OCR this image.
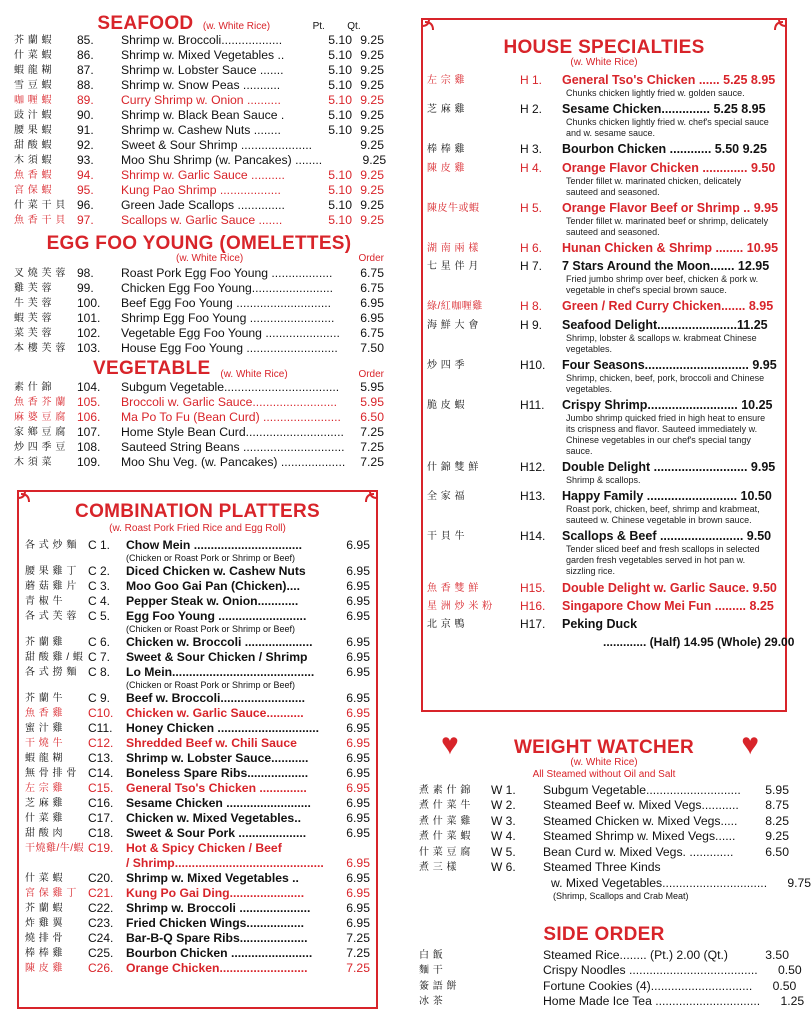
SEAFOOD (w. White Rice)	Pt. Qt.
芥 蘭 蝦	85.	Shrimp w. Broccoli..................	5.10 9.25
什 菜 蝦	86.	Shrimp w. Mixed Vegetables ..	5.10 9.25
蝦 龍 糊	87.	Shrimp w. Lobster Sauce .......	5.10 9.25
雪 豆 蝦	88.	Shrimp w. Snow Peas ...........	5.10 9.25
咖 喱 蝦	89.	Curry Shrimp w. Onion ..........	5.10 9.25
豉 汁 蝦	90.	Shrimp w. Black Bean Sauce .	5.10 9.25
腰 果 蝦	91.	Shrimp w. Cashew Nuts ........	5.10 9.25
甜 酸 蝦	92.	Sweet & Sour Shrimp .....................	9.25
木 須 蝦	93.	Moo Shu Shrimp (w. Pancakes) ........	9.25
魚 香 蝦	94.	Shrimp w. Garlic Sauce ..........	5.10 9.25
宮 保 蝦	95.	Kung Pao Shrimp ..................	5.10 9.25
什 菜 干 貝 96.	Green Jade Scallops ..............	5.10 9.25
魚 香 干 貝 97.	Scallops w. Garlic Sauce .......	5.10 9.25
EGG FOO YOUNG (OMELETTES)
(w. White Rice)	Order
叉 燒 芙 蓉 98.	Roast Pork Egg Foo Young ..................	6.75
雞 芙 蓉	99.	Chicken Egg Foo Young........................	6.75
牛 芙 蓉	100.	Beef Egg Foo Young ............................	6.95
蝦 芙 蓉	101.	Shrimp Egg Foo Young .........................	6.95
菜 芙 蓉	102.	Vegetable Egg Foo Young ......................	6.75
本 樓 芙 蓉 103.	House Egg Foo Young ...........................	7.50
VEGETABLE (w. White Rice)	Order
素 什 錦	104.	Subgum Vegetable..................................	5.95
魚 香 芥 蘭 105.	Broccoli w. Garlic Sauce.........................	5.95
麻 婆 豆 腐 106.	Ma Po To Fu (Bean Curd) .......................	6.50
家 鄉 豆 腐 107.	Home Style Bean Curd.............................	7.25
炒 四 季 豆 108.	Sauteed String Beans ..............................	7.25
木 須 菜	109.	Moo Shu Veg. (w. Pancakes) ...................	7.25
COMBINATION PLATTERS
(w. Roast Pork Fried Rice and Egg Roll)
各 式 炒 麵 C 1.	Chow Mein ................................	6.95
(Chicken or Roast Pork or Shrimp or Beef)
腰 果 雞 丁 C 2.	Diced Chicken w. Cashew Nuts	6.95
蘑 菇 雞 片 C 3.	Moo Goo Gai Pan (Chicken)....	6.95
青 椒 牛	C 4.	Pepper Steak w. Onion............	6.95
各 式 芙 蓉 C 5.	Egg Foo Young ..........................	6.95
(Chicken or Roast Pork or Shrimp or Beef)
芥 蘭 雞	C 6.	Chicken w. Broccoli ....................	6.95
甜 酸 雞 / 蝦 C 7.	Sweet & Sour Chicken / Shrimp	6.95
各 式 撈 麵 C 8.	Lo Mein..........................................	6.95
(Chicken or Roast Pork or Shrimp or Beef)
芥 蘭 牛	C 9.	Beef w. Broccoli.........................	6.95
魚 香 雞	C10.	Chicken w. Garlic Sauce...........	6.95
蜜 汁 雞	C11.	Honey Chicken ..............................	6.95
干 燒 牛	C12.	Shredded Beef w. Chili Sauce	6.95
蝦 龍 糊	C13.	Shrimp w. Lobster Sauce...........	6.95
無 骨 排 骨 C14.	Boneless Spare Ribs..................	6.95
左 宗 雞	C15.	General Tso's Chicken ..............	6.95
芝 麻 雞	C16.	Sesame Chicken .........................	6.95
什 菜 雞	C17.	Chicken w. Mixed Vegetables..	6.95
甜 酸 肉	C18.	Sweet & Sour Pork ....................	6.95
干燒雞/牛/蝦 C19.	Hot & Spicy Chicken / Beef
/ Shrimp............................................	6.95
什 菜 蝦	C20.	Shrimp w. Mixed Vegetables ..	6.95
宮 保 雞 丁 C21.	Kung Po Gai Ding......................	6.95
芥 蘭 蝦	C22.	Shrimp w. Broccoli .....................	6.95
炸 雞 翼	C23.	Fried Chicken Wings.................	6.95
燒 排 骨	C24.	Bar-B-Q Spare Ribs....................	7.25
棒 棒 雞	C25.	Bourbon Chicken ........................	7.25
陳 皮 雞	C26.	Orange Chicken..........................	7.25
HOUSE SPECIALTIES
(w. White Rice)
左 宗 雞	H 1.	General Tso's Chicken ...... 5.25 8.95
Chunks chicken lightly fried w. golden sauce.
芝 麻 雞	H 2.	Sesame Chicken.............. 5.25 8.95
Chunks chicken lightly fried w. chef's special sauce and w. sesame sauce.
棒 棒 雞	H 3.	Bourbon Chicken ............ 5.50 9.25
陳 皮 雞	H 4.	Orange Flavor Chicken ............. 9.50
Tender fillet w. marinated chicken, delicately sauteed and seasoned.
陳皮牛或蝦	H 5.	Orange Flavor Beef or Shrimp .. 9.95
Tender fillet w. marinated beef or shrimp, delicately sauteed and seasoned.
湖 南 兩 樣	H 6.	Hunan Chicken & Shrimp ........ 10.95
七 星 伴 月	H 7.	7 Stars Around the Moon....... 12.95
Fried jumbo shrimp over beef, chicken & pork w. vegetable in chef's special brown sauce.
綠/紅咖喱雞	H 8.	Green / Red Curry Chicken....... 8.95
海 鮮 大 會	H 9.	Seafood Delight.......................11.25
Shrimp, lobster & scallops w. krabmeat Chinese vegetables.
炒 四 季	H10.	Four Seasons.............................. 9.95
Shrimp, chicken, beef, pork, broccoli and Chinese vegetables.
脆 皮 蝦	H11.	Crispy Shrimp.......................... 10.25
Jumbo shrimp quicked fried in high heat to ensure its crispness and flavor. Sauteed immediately w. Chinese vegetables in our chef's special tangy sauce.
什 錦 雙 鮮	H12.	Double Delight ........................... 9.95
Shrimp & scallops.
全 家 福	H13.	Happy Family .......................... 10.50
Roast pork, chicken, beef, shrimp and krabmeat, sauteed w. Chinese vegetable in brown sauce.
干 貝 牛	H14.	Scallops & Beef ........................ 9.50
Tender sliced beef and fresh scallops in selected garden fresh vegetables served in hot pan w. sizzling rice.
魚 香 雙 鮮	H15.	Double Delight w. Garlic Sauce. 9.50
星 洲 炒 米 粉	H16.	Singapore Chow Mei Fun ......... 8.25
北 京 鴨	H17.	Peking Duck
............. (Half) 14.95 (Whole) 29.00
♥	♥
WEIGHT WATCHER
(w. White Rice)
All Steamed without Oil and Salt
煮 素 什 錦	W 1.	Subgum Vegetable............................	5.95
煮 什 菜 牛	W 2.	Steamed Beef w. Mixed Vegs...........	8.75
煮 什 菜 雞	W 3.	Steamed Chicken w. Mixed Vegs.....	8.25
煮 什 菜 蝦	W 4.	Steamed Shrimp w. Mixed Vegs......	9.25
什 菜 豆 腐	W 5.	Bean Curd w. Mixed Vegs. .............	6.50
煮 三 樣	W 6.	Steamed Three Kinds
w. Mixed Vegetables...............................	9.75
(Shrimp, Scallops and Crab Meat)
SIDE ORDER
白 飯	Steamed Rice........ (Pt.) 2.00 (Qt.)	3.50
麵 干	Crispy Noodles ......................................	0.50
簽 語 餅	Fortune Cookies (4)..............................	0.50
冰 茶	Home Made Ice Tea ...............................	1.25
